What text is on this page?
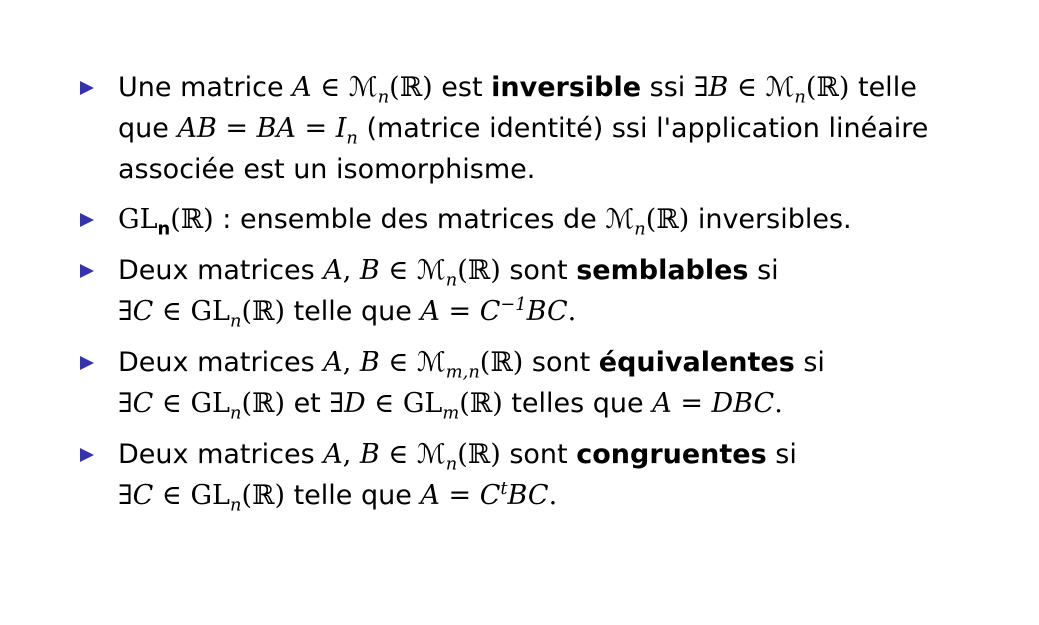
Une matrice A ∈ ℳ$_n$(ℝ) est inversible ssi ∃B ∈ ℳ$_n$(ℝ) telle
que AB = BA = $I_n$ (matrice identité) ssi l'application linéaire
associée est un isomorphisme.
$GL_n(ℝ)$ : ensemble des matrices de ℳ$_n$(ℝ) inversibles.
Deux matrices A, B ∈ ℳ$_n$(ℝ) sont semblables si
∃C ∈ $GL_n(ℝ)$ telle que $A = C^{-1}BC$.
Deux matrices A, B ∈ ℳ$_{m,n}$(ℝ) sont équivalentes si
∃C ∈ $GL_n(ℝ)$ et ∃D ∈ $GL_m(ℝ)$ telles que A = DBC.
Deux matrices A, B ∈ ℳ$_n$(ℝ) sont congruentes si
∃C ∈ $GL_n(ℝ)$ telle que $A = C^tBC$.
